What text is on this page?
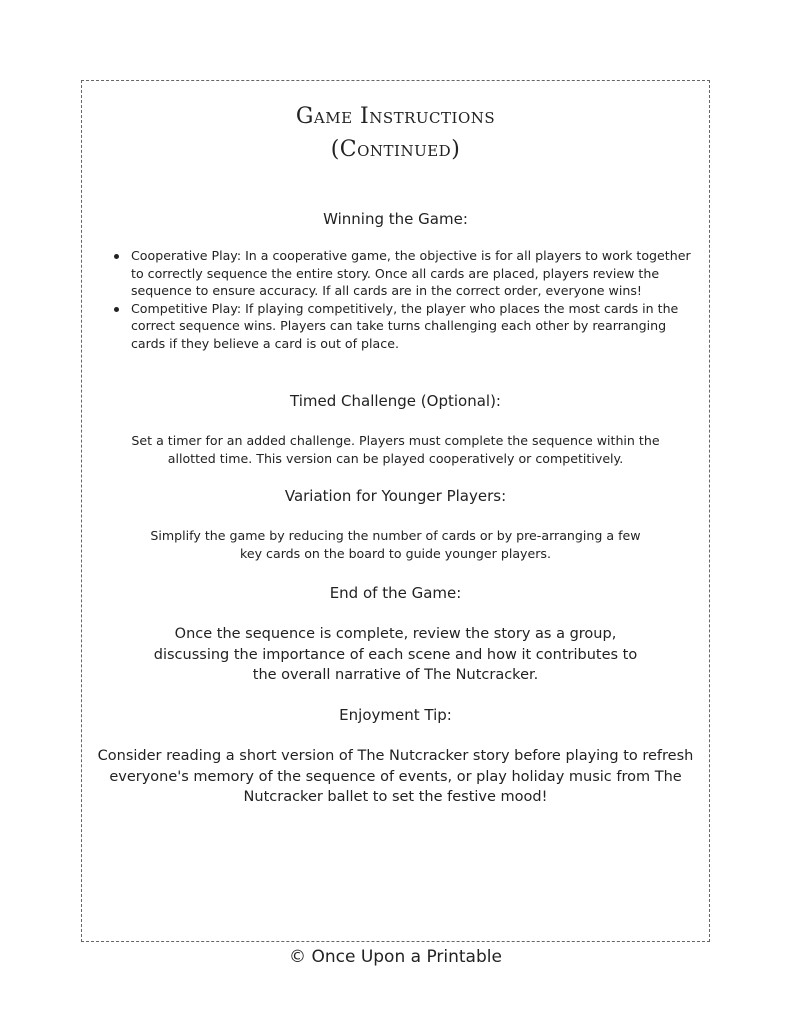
Game Instructions
(Continued)
Winning the Game:
Cooperative Play: In a cooperative game, the objective is for all players to work together to correctly sequence the entire story. Once all cards are placed, players review the sequence to ensure accuracy. If all cards are in the correct order, everyone wins!
Competitive Play: If playing competitively, the player who places the most cards in the correct sequence wins. Players can take turns challenging each other by rearranging cards if they believe a card is out of place.
Timed Challenge (Optional):

Set a timer for an added challenge. Players must complete the sequence within the allotted time. This version can be played cooperatively or competitively.

Variation for Younger Players:

Simplify the game by reducing the number of cards or by pre-arranging a few key cards on the board to guide younger players.

End of the Game:

Once the sequence is complete, review the story as a group, discussing the importance of each scene and how it contributes to the overall narrative of The Nutcracker.

Enjoyment Tip:

Consider reading a short version of The Nutcracker story before playing to refresh everyone's memory of the sequence of events, or play holiday music from The Nutcracker ballet to set the festive mood!

© Once Upon a Printable
